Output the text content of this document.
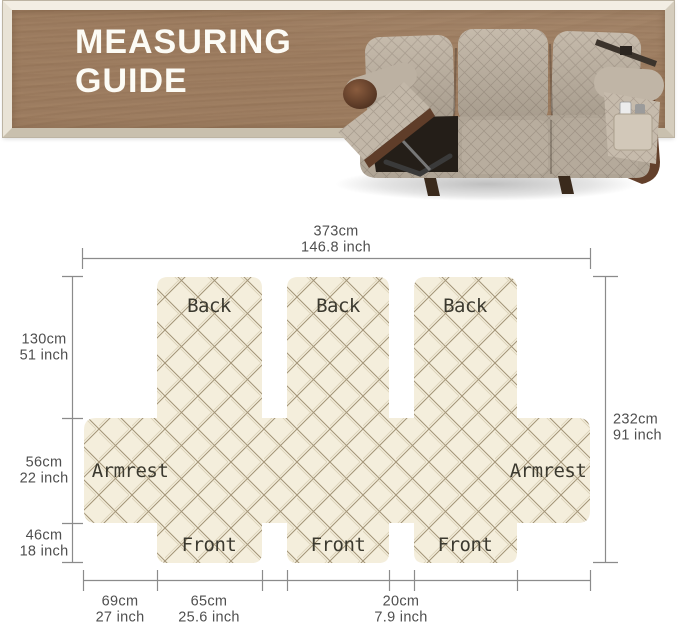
MEASURING
GUIDE
373cm
146.8 inch
130cm
51 inch
56cm
22 inch
46cm
18 inch
232cm
91 inch
69cm
27 inch
65cm
25.6 inch
20cm
7.9 inch
Back	Back	Back
Armrest	Armrest
Front	Front	Front
